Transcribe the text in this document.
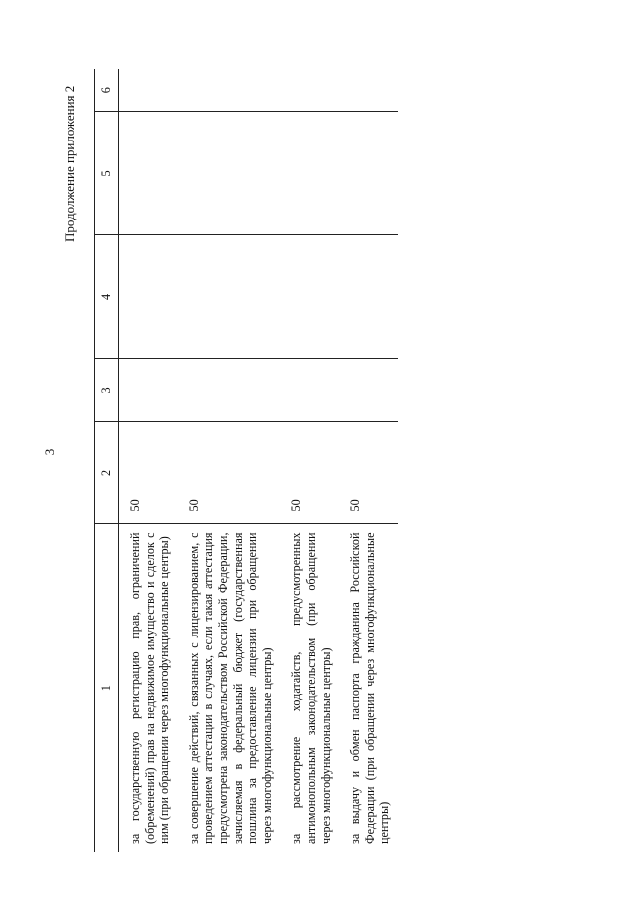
3
Продолжение приложения 2
1	2	3	4	5	6
за государственную регистрацию прав, ограничений (обременений) прав на недвижимое имущество и сделок с ним (при обращении через многофункциональные центры)	50				
за совершение действий, связанных с лицензированием, с проведением аттестации в случаях, если такая аттестация предусмотрена законодательством Российской Федерации, зачисляемая в федеральный бюджет (государственная пошлина за предоставление лицензии при обращении через многофункциональные центры)	50				
за рассмотрение ходатайств, предусмотренных антимонопольным законодательством (при обращении через многофункциональные центры)	50				
за выдачу и обмен паспорта гражданина Российской Федерации (при обращении через многофункциональные центры)	50				
